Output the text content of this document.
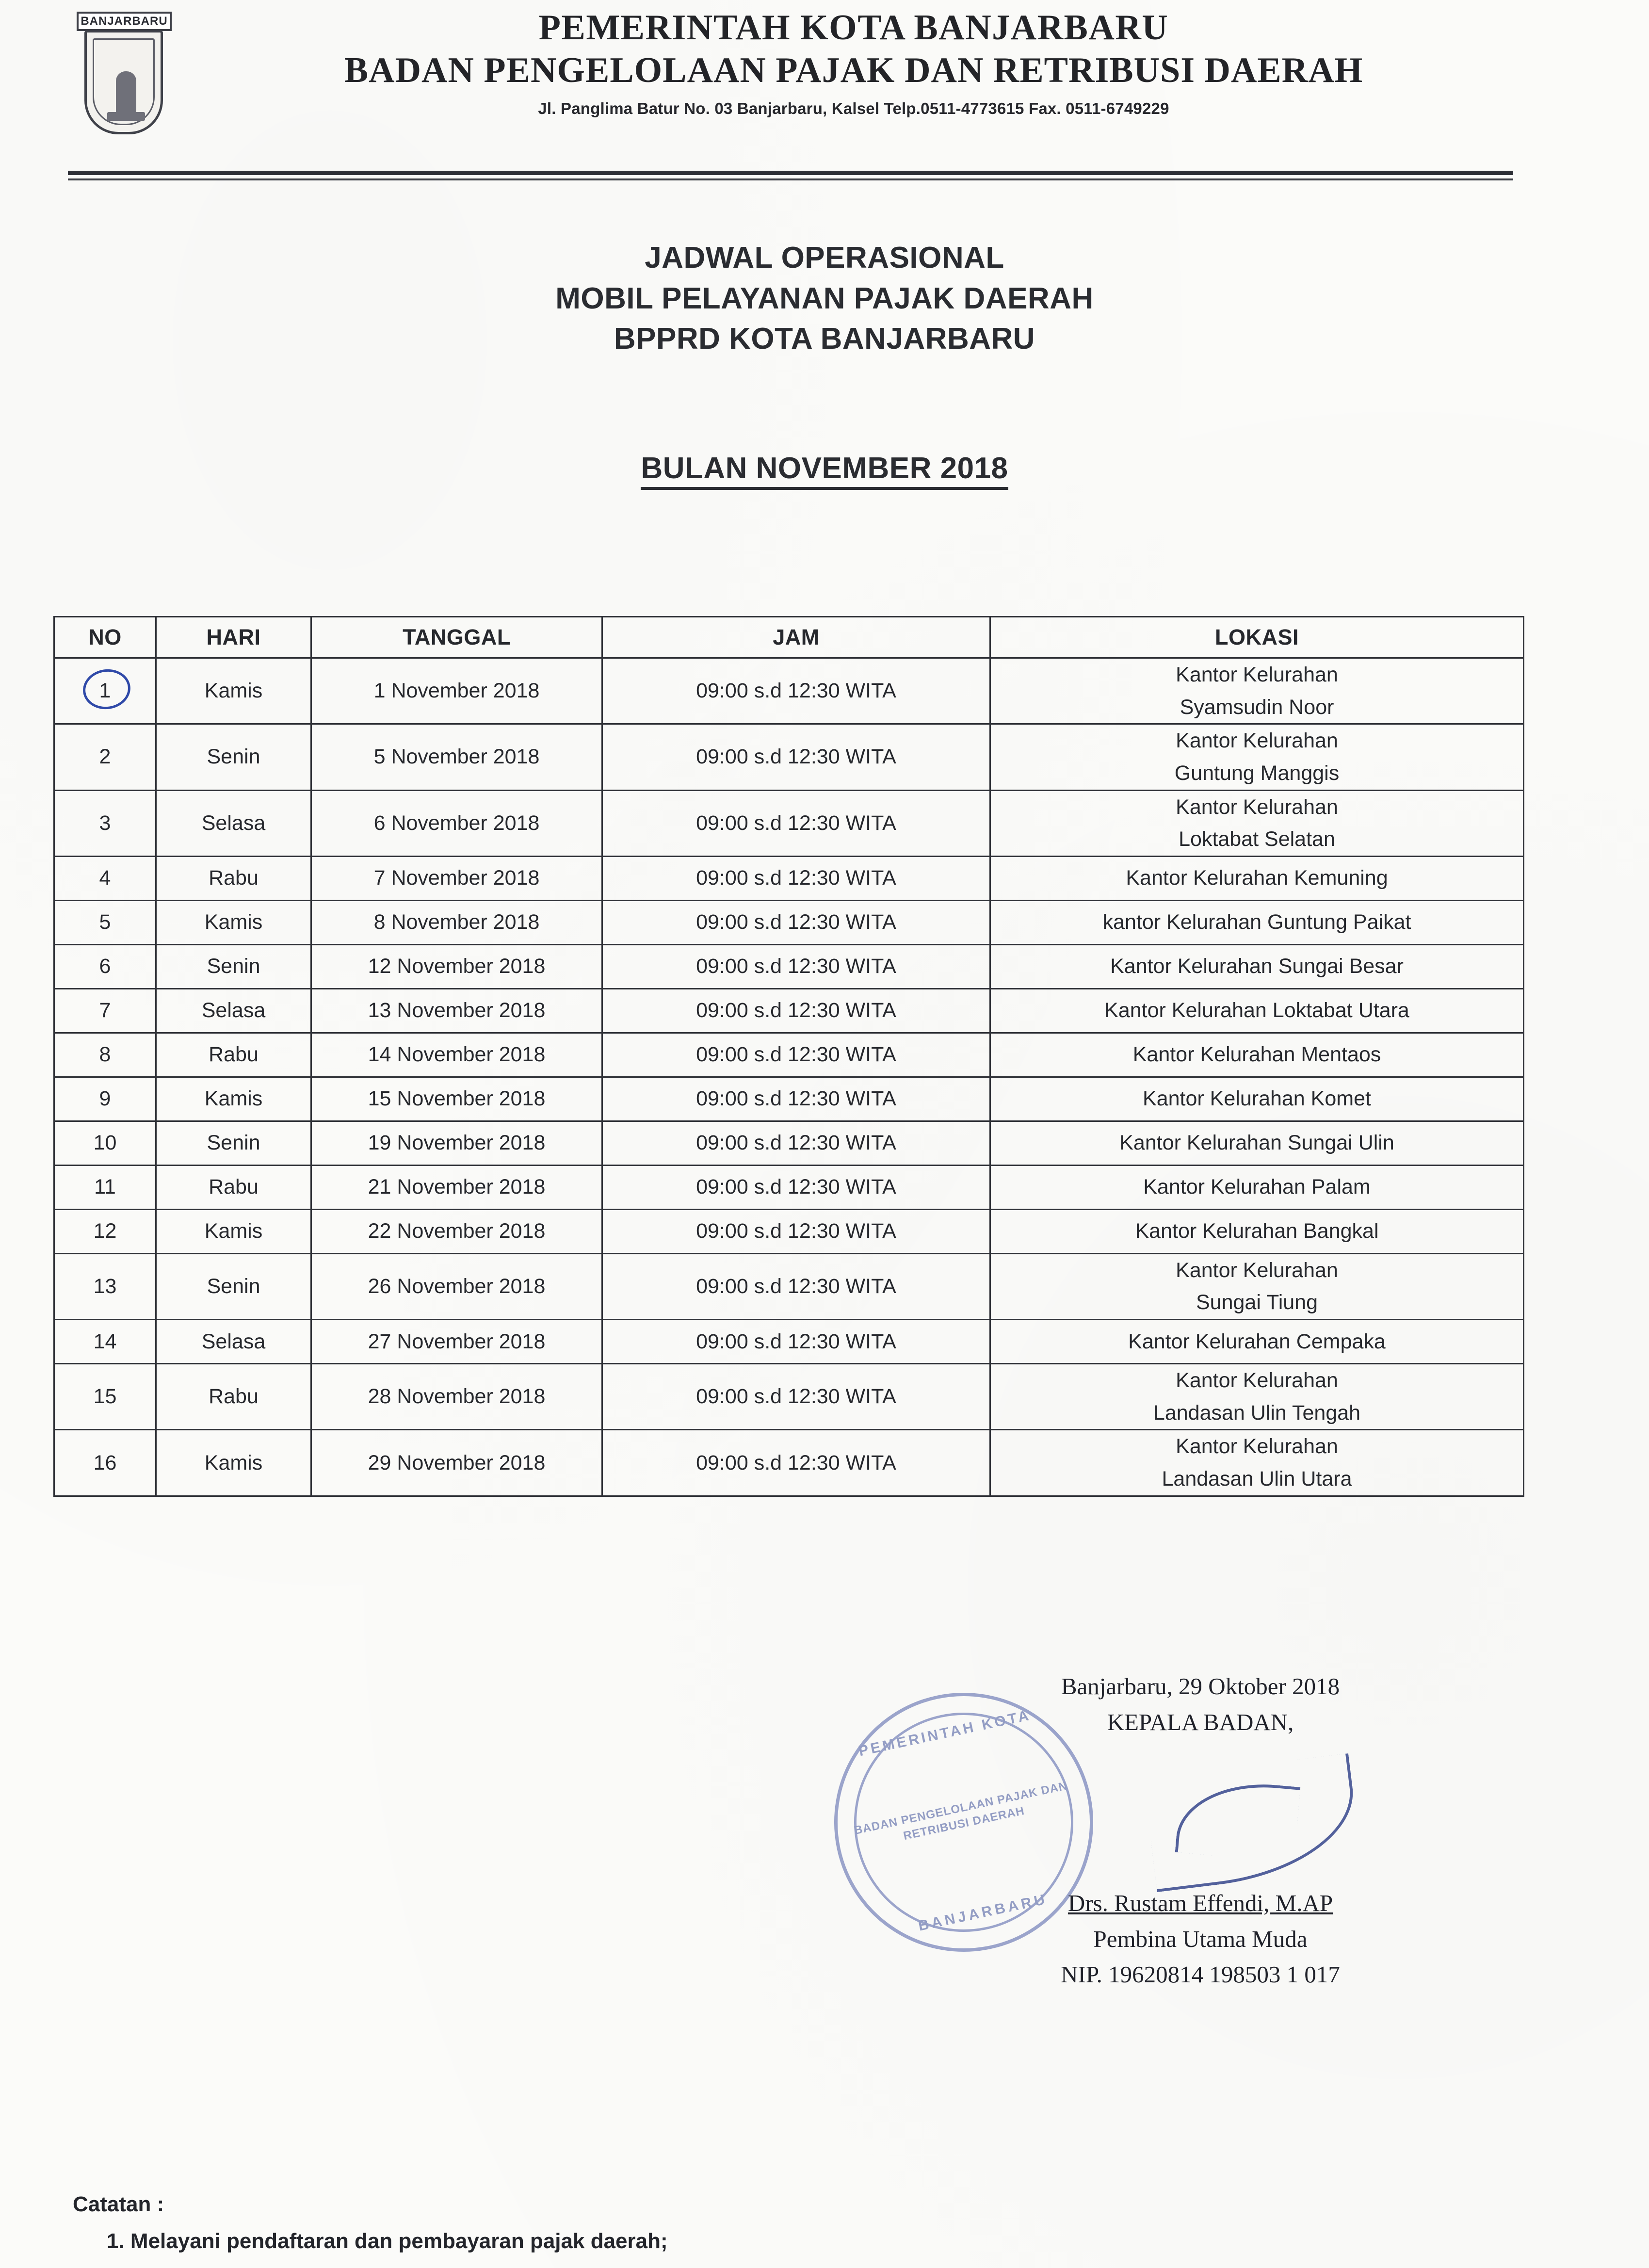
BANJARBARU	PEMERINTAH KOTA BANJARBARU
BADAN PENGELOLAAN PAJAK DAN RETRIBUSI DAERAH
Jl. Panglima Batur No. 03 Banjarbaru, Kalsel Telp.0511-4773615 Fax. 0511-6749229
JADWAL OPERASIONAL
MOBIL PELAYANAN PAJAK DAERAH
BPPRD KOTA BANJARBARU
BULAN NOVEMBER 2018
NO	HARI	TANGGAL	JAM	LOKASI
1	Kamis	1 November 2018	09:00 s.d 12:30 WITA	Kantor Kelurahan
Syamsudin Noor

2	Senin	5 November 2018	09:00 s.d 12:30 WITA	Kantor Kelurahan
Guntung Manggis

3	Selasa	6 November 2018	09:00 s.d 12:30 WITA	Kantor Kelurahan
Loktabat Selatan

4	Rabu	7 November 2018	09:00 s.d 12:30 WITA	Kantor Kelurahan Kemuning
5	Kamis	8 November 2018	09:00 s.d 12:30 WITA	kantor Kelurahan Guntung Paikat
6	Senin	12 November 2018	09:00 s.d 12:30 WITA	Kantor Kelurahan Sungai Besar
7	Selasa	13 November 2018	09:00 s.d 12:30 WITA	Kantor Kelurahan Loktabat Utara
8	Rabu	14 November 2018	09:00 s.d 12:30 WITA	Kantor Kelurahan Mentaos
9	Kamis	15 November 2018	09:00 s.d 12:30 WITA	Kantor Kelurahan Komet
10	Senin	19 November 2018	09:00 s.d 12:30 WITA	Kantor Kelurahan Sungai Ulin
11	Rabu	21 November 2018	09:00 s.d 12:30 WITA	Kantor Kelurahan Palam
12	Kamis	22 November 2018	09:00 s.d 12:30 WITA	Kantor Kelurahan Bangkal
13	Senin	26 November 2018	09:00 s.d 12:30 WITA	Kantor Kelurahan
Sungai Tiung

14	Selasa	27 November 2018	09:00 s.d 12:30 WITA	Kantor Kelurahan Cempaka
15	Rabu	28 November 2018	09:00 s.d 12:30 WITA	Kantor Kelurahan
Landasan Ulin Tengah

16	Kamis	29 November 2018	09:00 s.d 12:30 WITA	Kantor Kelurahan
Landasan Ulin Utara
PEMERINTAH KOTA
BADAN PENGELOLAAN PAJAK DAN RETRIBUSI DAERAH
BANJARBARU
Banjarbaru, 29 Oktober 2018
KEPALA BADAN,
Drs. Rustam Effendi, M.AP
Pembina Utama Muda
NIP. 19620814 198503 1 017
Catatan :
1. Melayani pendaftaran dan pembayaran pajak daerah;
